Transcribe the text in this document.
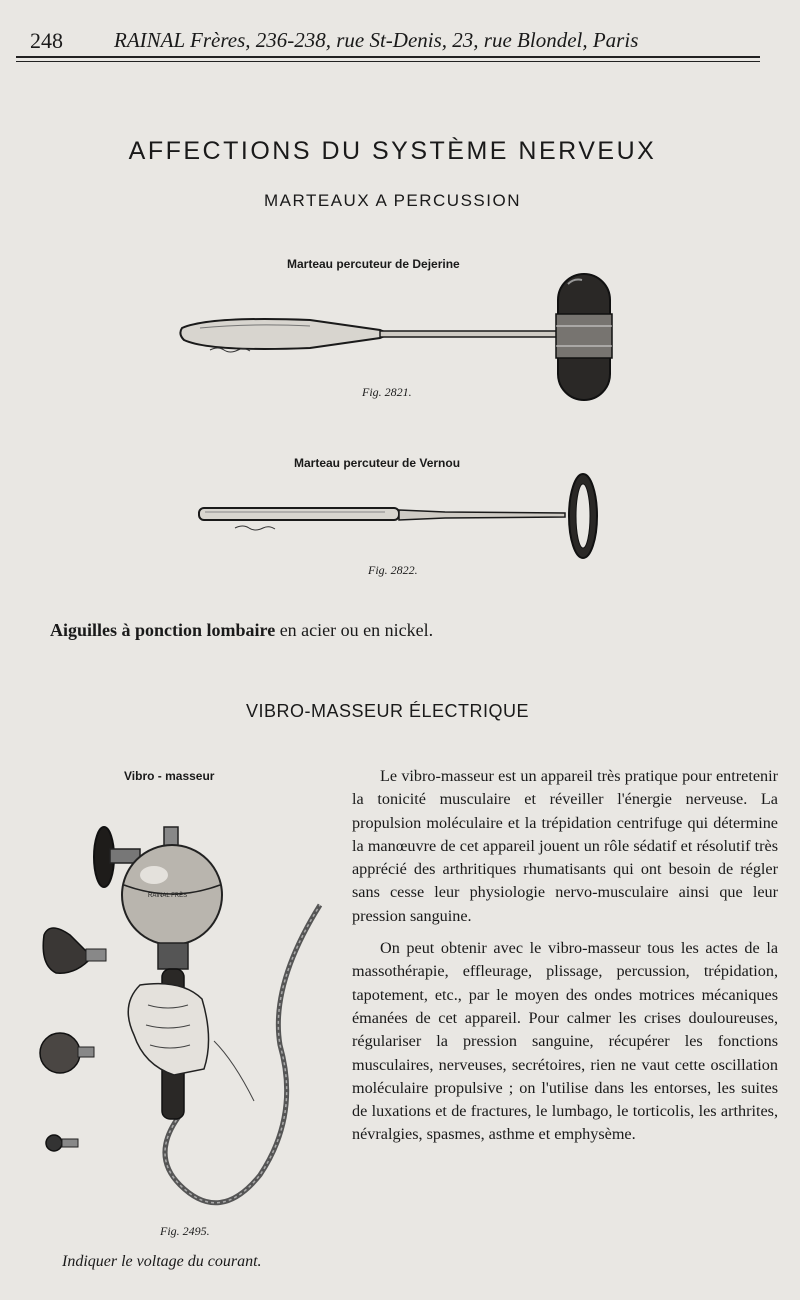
248 RAINAL Frères, 236-238, rue St-Denis, 23, rue Blondel, Paris
AFFECTIONS DU SYSTÈME NERVEUX
MARTEAUX A PERCUSSION
Marteau percuteur de Dejerine
Fig. 2821.
Marteau percuteur de Vernou
Fig. 2822.
Aiguilles à ponction lombaire en acier ou en nickel.
VIBRO-MASSEUR ÉLECTRIQUE
Vibro - masseur
RAINAL FRÈS
Fig. 2495.

Le vibro-masseur est un appareil très pratique pour entretenir la tonicité musculaire et réveiller l'énergie nerveuse. La propulsion moléculaire et la trépidation centrifuge qui détermine la manœuvre de cet appareil jouent un rôle sédatif et résolutif très apprécié des arthritiques rhumatisants qui ont besoin de régler sans cesse leur physiologie nervo-musculaire ainsi que leur pression sanguine.

On peut obtenir avec le vibro-masseur tous les actes de la massothérapie, effleurage, plissage, percussion, trépidation, tapotement, etc., par le moyen des ondes motrices mécaniques émanées de cet appareil. Pour calmer les crises douloureuses, régulariser la pression sanguine, récupérer les fonctions musculaires, nerveuses, secrétoires, rien ne vaut cette oscillation moléculaire propulsive ; on l'utilise dans les entorses, les suites de luxations et de fractures, le lumbago, le torticolis, les arthrites, névralgies, spasmes, asthme et emphysème.

Indiquer le voltage du courant.
